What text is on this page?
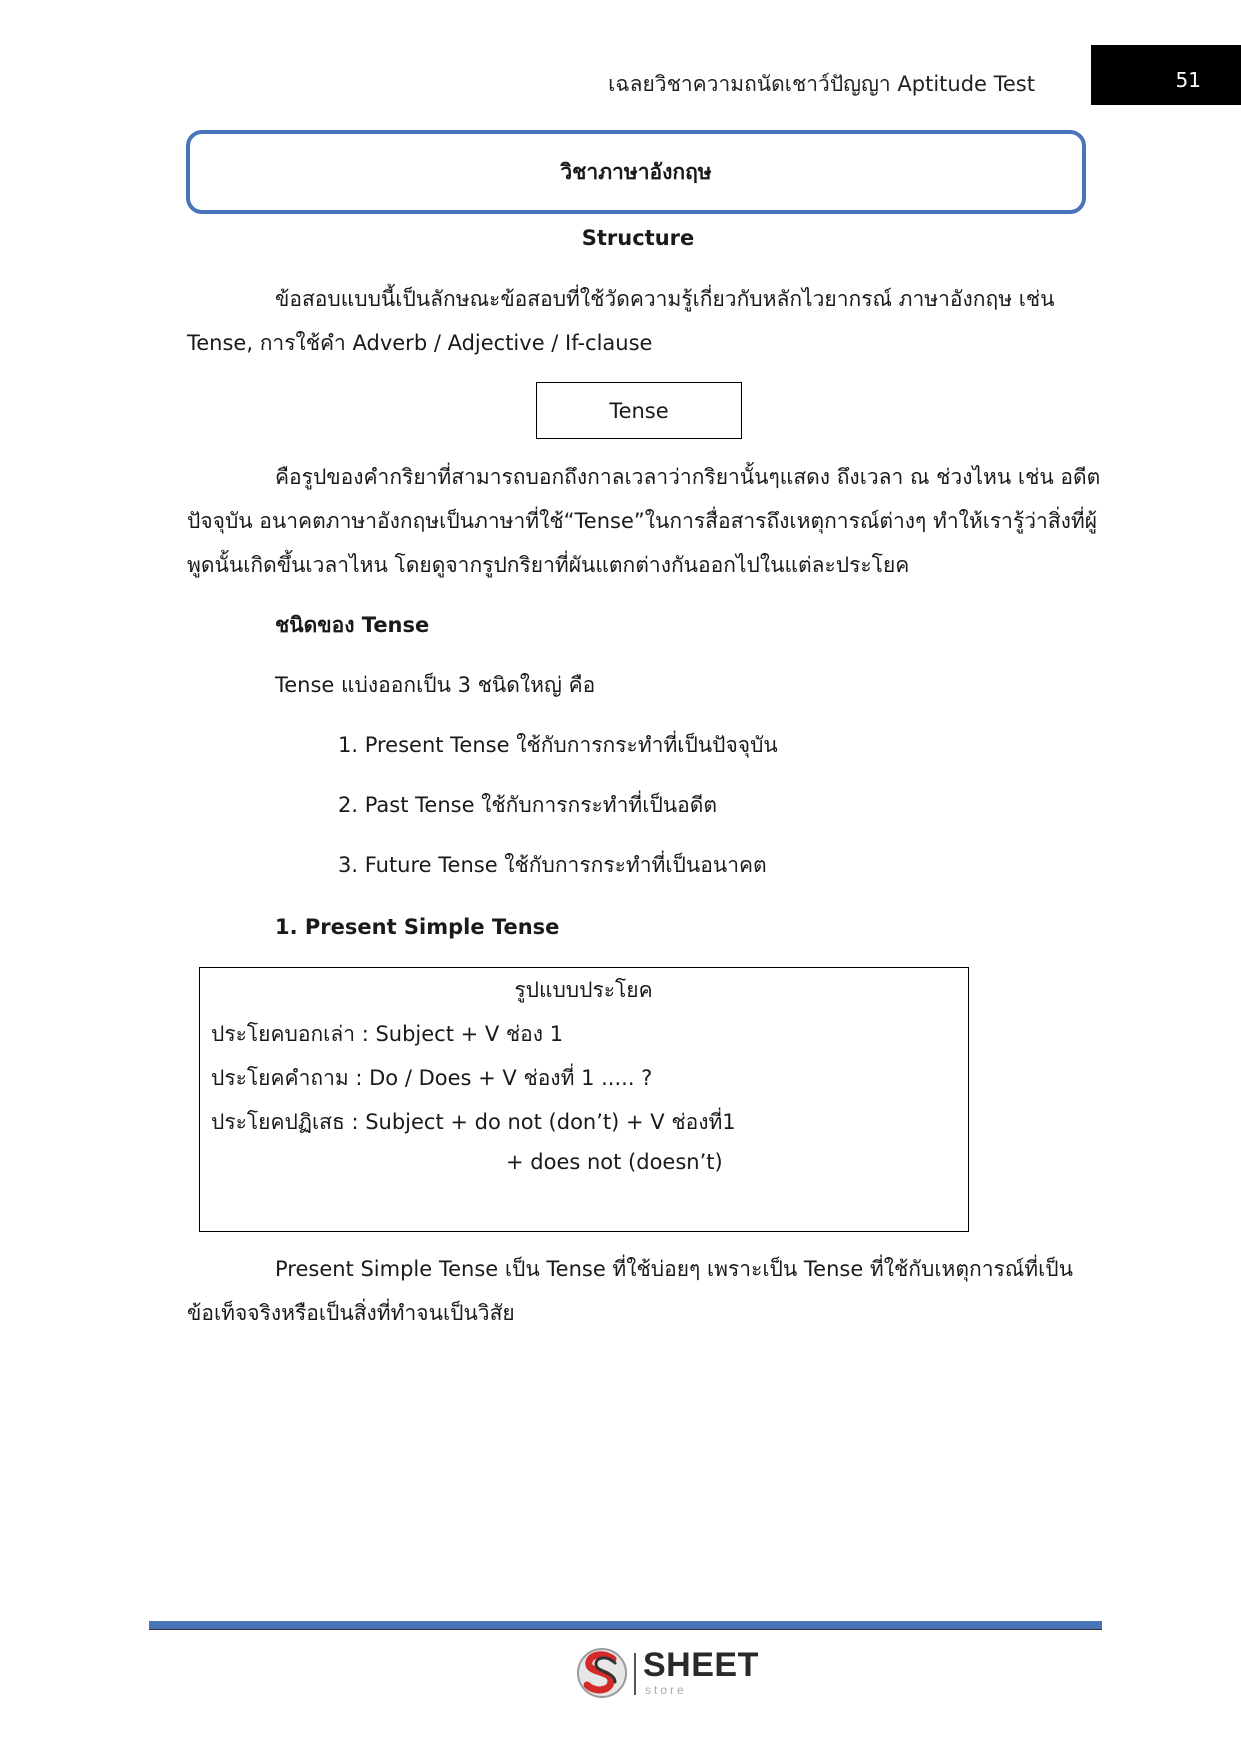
เฉลยวิชาความถนัดเชาว์ปัญญา Aptitude Test	51
วิชาภาษาอังกฤษ
Structure
ข้อสอบแบบนี้เป็นลักษณะข้อสอบที่ใช้วัดความรู้เกี่ยวกับหลักไวยากรณ์ ภาษาอังกฤษ เช่น
Tense, การใช้คำ Adverb / Adjective / If-clause
Tense
คือรูปของคำกริยาที่สามารถบอกถึงกาลเวลาว่ากริยานั้นๆแสดง ถึงเวลา ณ ช่วงไหน เช่น อดีต
ปัจจุบัน อนาคตภาษาอังกฤษเป็นภาษาที่ใช้“Tense”ในการสื่อสารถึงเหตุการณ์ต่างๆ ทำให้เรารู้ว่าสิ่งที่ผู้
พูดนั้นเกิดขึ้นเวลาไหน โดยดูจากรูปกริยาที่ผันแตกต่างกันออกไปในแต่ละประโยค
ชนิดของ Tense
Tense แบ่งออกเป็น 3 ชนิดใหญ่ คือ
1. Present Tense ใช้กับการกระทำที่เป็นปัจจุบัน
2. Past Tense ใช้กับการกระทำที่เป็นอดีต
3. Future Tense ใช้กับการกระทำที่เป็นอนาคต
1. Present Simple Tense
รูปแบบประโยค
ประโยคบอกเล่า : Subject + V ช่อง 1
ประโยคคำถาม : Do / Does + V ช่องที่ 1 ..... ?
ประโยคปฏิเสธ : Subject + do not (don’t) + V ช่องที่1
+ does not (doesn’t)
Present Simple Tense เป็น Tense ที่ใช้บ่อยๆ เพราะเป็น Tense ที่ใช้กับเหตุการณ์ที่เป็น
ข้อเท็จจริงหรือเป็นสิ่งที่ทำจนเป็นวิสัย
SHEET
store
